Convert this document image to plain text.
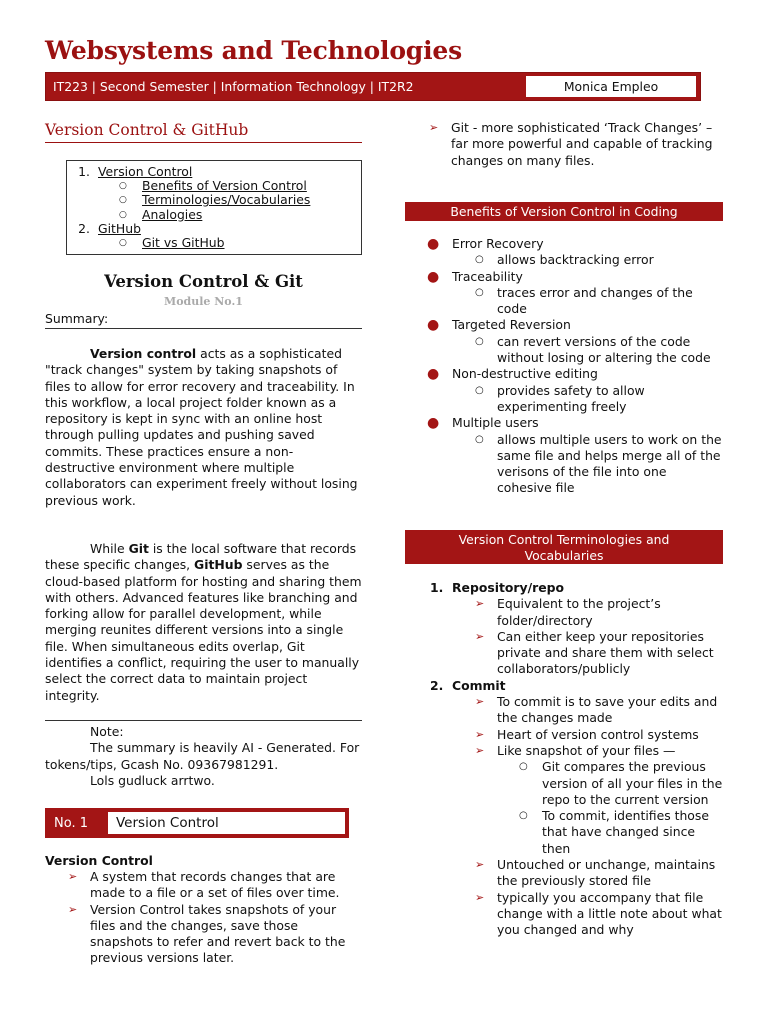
Websystems and Technologies
IT223 | Second Semester | Information Technology | IT2R2	Monica Empleo
Version Control & GitHub
1. Version Control
○	Benefits of Version Control
○	Terminologies/Vocabularies
○	Analogies
2. GitHub
○	Git vs GitHub
Version Control & Git
Module No.1
Summary:
Version control acts as a sophisticated "track changes" system by taking snapshots of files to allow for error recovery and traceability. In this workflow, a local project folder known as a repository is kept in sync with an online host through pulling updates and pushing saved commits. These practices ensure a non-destructive environment where multiple collaborators can experiment freely without losing previous work.
While Git is the local software that records these specific changes, GitHub serves as the cloud-based platform for hosting and sharing them with others. Advanced features like branching and forking allow for parallel development, while merging reunites different versions into a single file. When simultaneous edits overlap, Git identifies a conflict, requiring the user to manually select the correct data to maintain project integrity.
Note:
The summary is heavily AI - Generated. For tokens/tips, Gcash No. 09367981291.
Lols gudluck arrtwo.
No. 1	Version Control
Version Control
➢	A system that records changes that are made to a file or a set of files over time.
➢	Version Control takes snapshots of your files and the changes, save those snapshots to refer and revert back to the previous versions later.
➢	Git - more sophisticated ‘Track Changes’ – far more powerful and capable of tracking changes on many files.
Benefits of Version Control in Coding
●	Error Recovery
○	allows backtracking error
●	Traceability
○	traces error and changes of the code
●	Targeted Reversion
○	can revert versions of the code without losing or altering the code
●	Non-destructive editing
○	provides safety to allow experimenting freely
●	Multiple users
○	allows multiple users to work on the same file and helps merge all of the verisons of the file into one cohesive file
Version Control Terminologies and Vocabularies
1. Repository/repo
➢	Equivalent to the project’s folder/directory
➢	Can either keep your repositories private and share them with select collaborators/publicly
2. Commit
➢	To commit is to save your edits and the changes made
➢	Heart of version control systems
➢	Like snapshot of your files —
○	Git compares the previous version of all your files in the repo to the current version
○	To commit, identifies those that have changed since then
➢	Untouched or unchange, maintains the previously stored file
➢	typically you accompany that file change with a little note about what you changed and why
